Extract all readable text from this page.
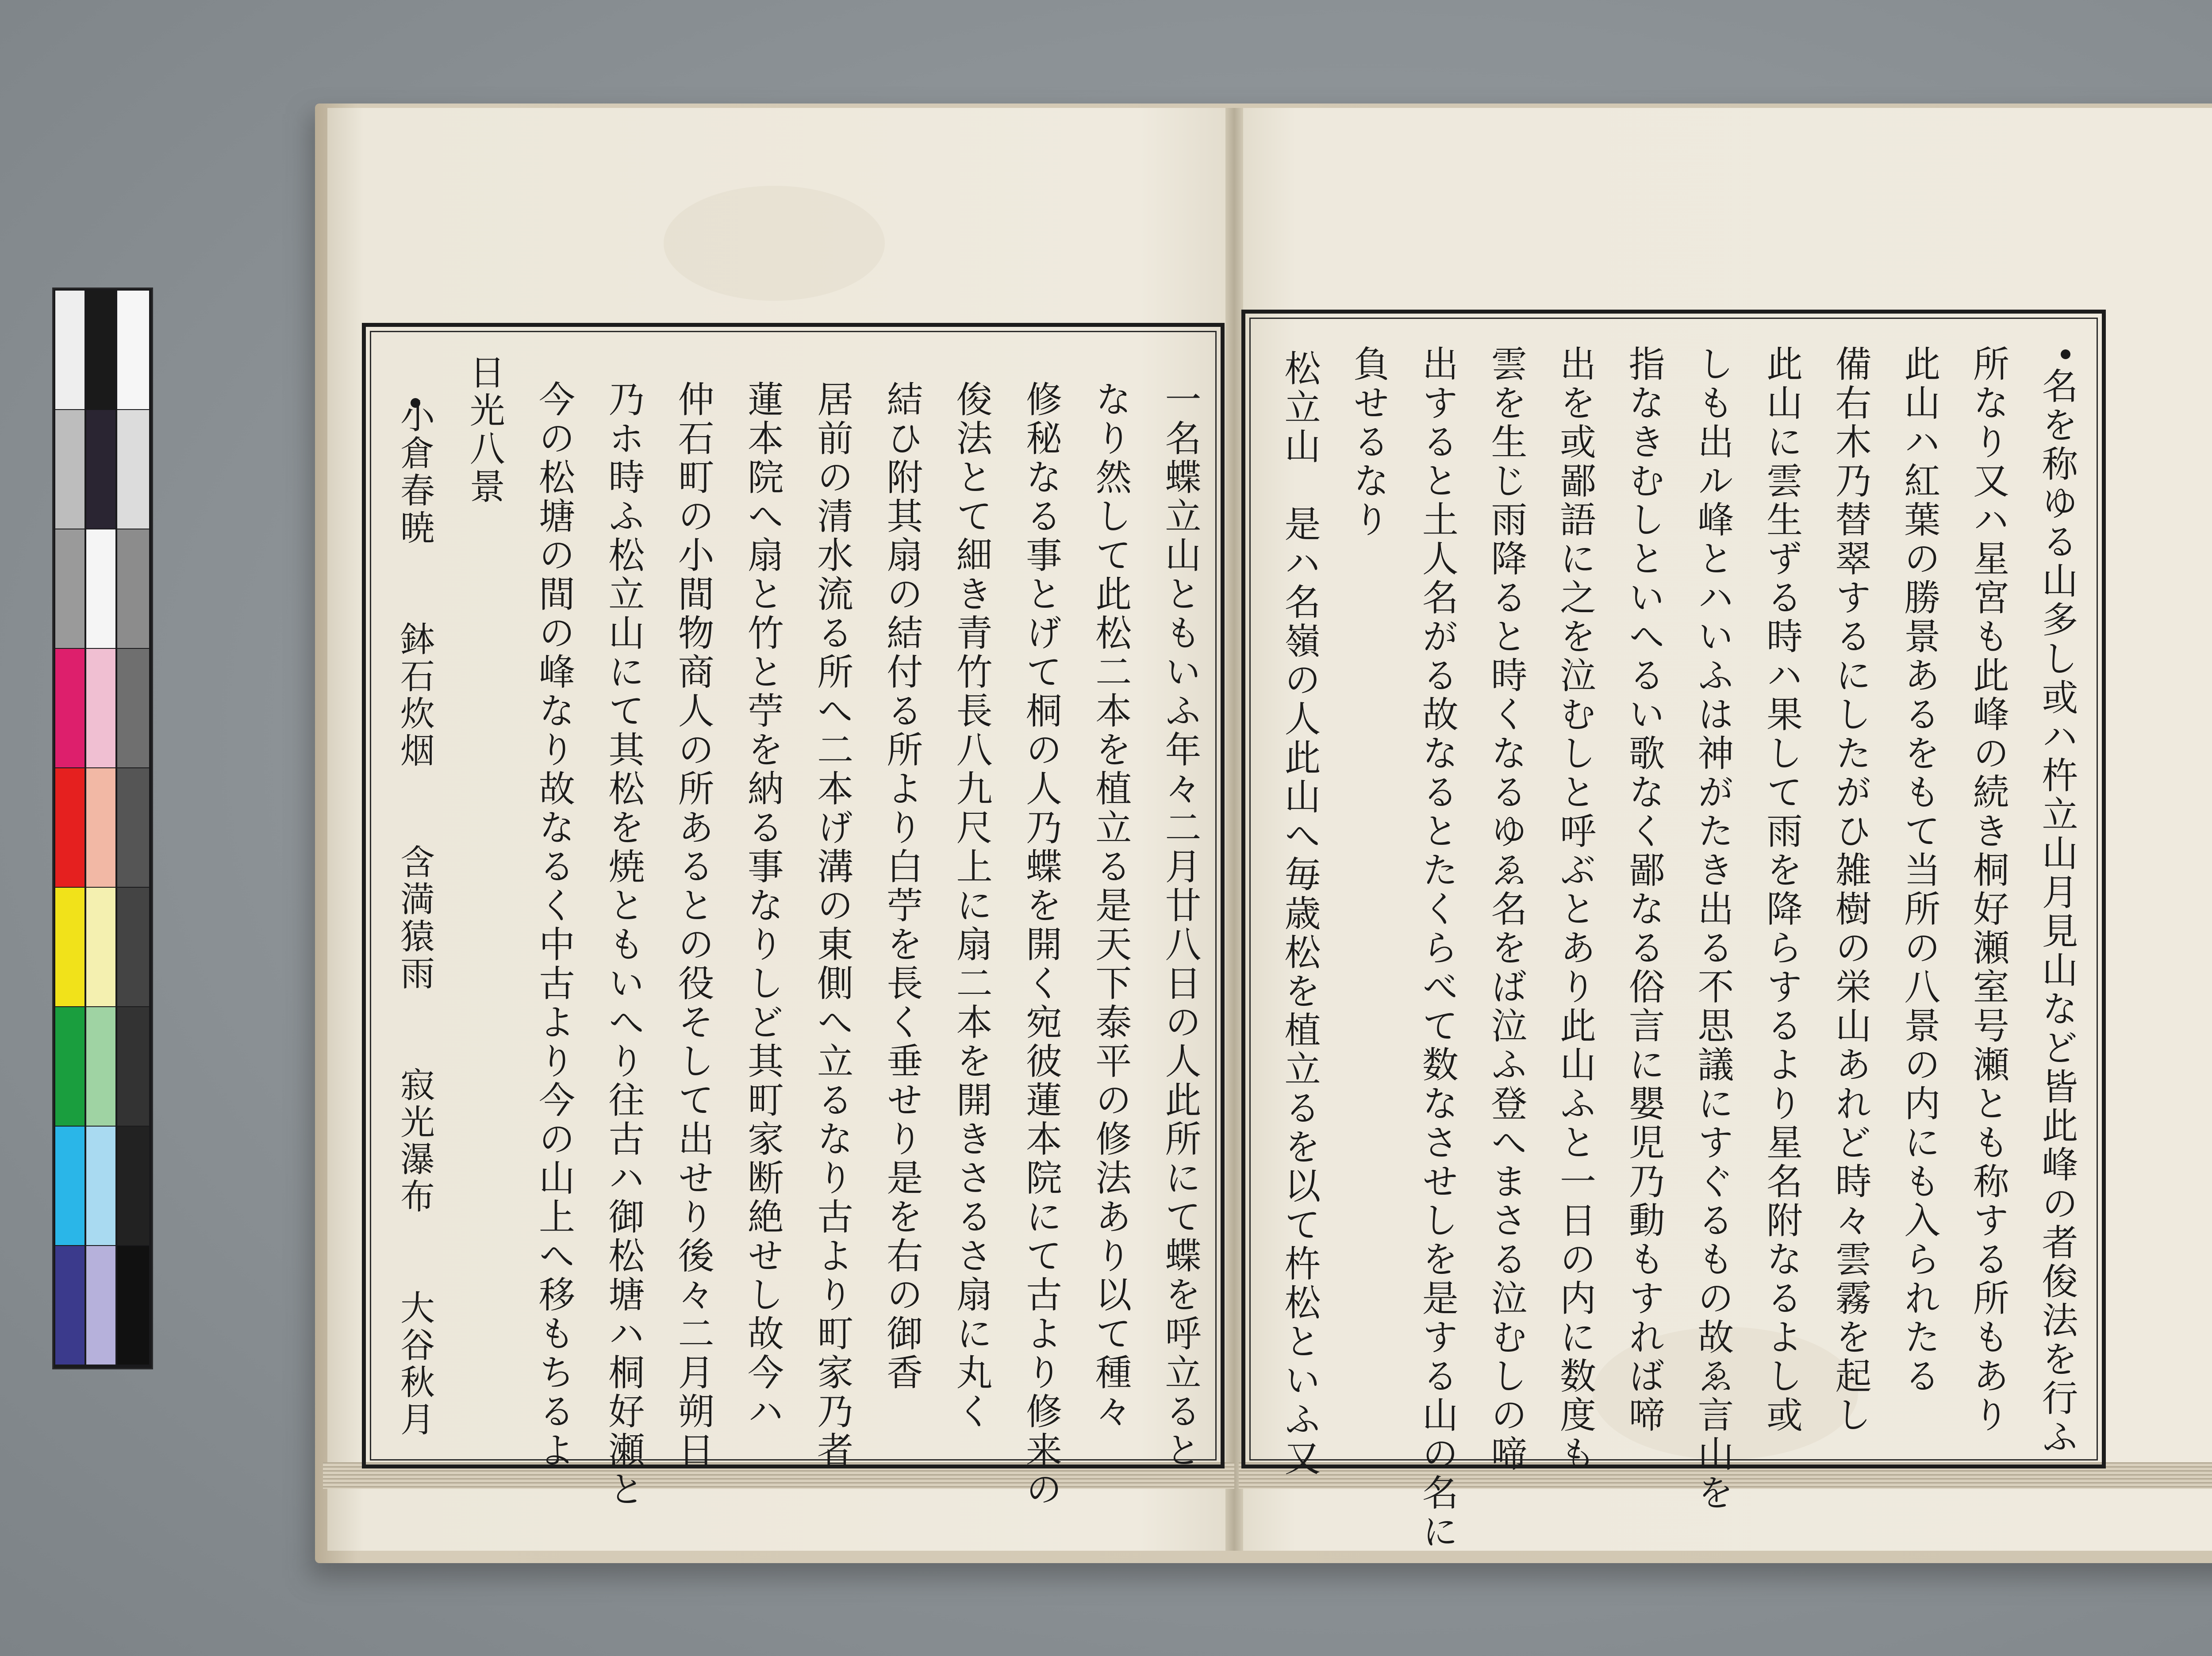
名を称ゆる山多し或ハ杵立山月見山など皆此峰の者俊法を行ふ
所なり又ハ星宮も此峰の続き桐好瀬室号瀬とも称する所もあり
此山ハ紅葉の勝景あるをもて当所の八景の内にも入られたる
備右木乃替翠するにしたがひ雑樹の栄山あれど時々雲霧を起し
此山に雲生ずる時ハ果して雨を降らするより星名附なるよし或
しも出ル峰とハいふは神がたき出る不思議にすぐるもの故ゑ言山を
指なきむしといへるい歌なく鄙なる俗言に嬰児乃動もすれば啼
出を或鄙語に之を泣むしと呼ぶとあり此山ふと一日の内に数度も
雲を生じ雨降ると時くなるゆゑ名をば泣ふ登へまさる泣むしの啼
出すると土人名がる故なるとたくらべて数なさせしを是する山の名に
負せるなり
松立山　是ハ名嶺の人此山へ毎歳松を植立るを以て杵松といふ又
一名蝶立山ともいふ年々二月廿八日の人此所にて蝶を呼立ると
なり然して此松二本を植立る是天下泰平の修法あり以て種々
修秘なる事とげて桐の人乃蝶を開く宛彼蓮本院にて古より修来の
俊法とて細き青竹長八九尺上に扇二本を開きさるさ扇に丸く
結ひ附其扇の結付る所より白苧を長く垂せり是を右の御香
居前の清水流る所へ二本げ溝の東側へ立るなり古より町家乃者
蓮本院へ扇と竹と苧を納る事なりしど其町家断絶せし故今ハ
仲石町の小間物商人の所あるとの役そして出せり後々二月朔日
乃ホ時ふ松立山にて其松を焼ともいへり往古ハ御松塘ハ桐好瀬と
今の松塘の間の峰なり故なるく中古より今の山上へ移もちるよ
日光八景
小倉春暁　　鉢石炊烟　　含満猿雨　　寂光瀑布　　大谷秋月
